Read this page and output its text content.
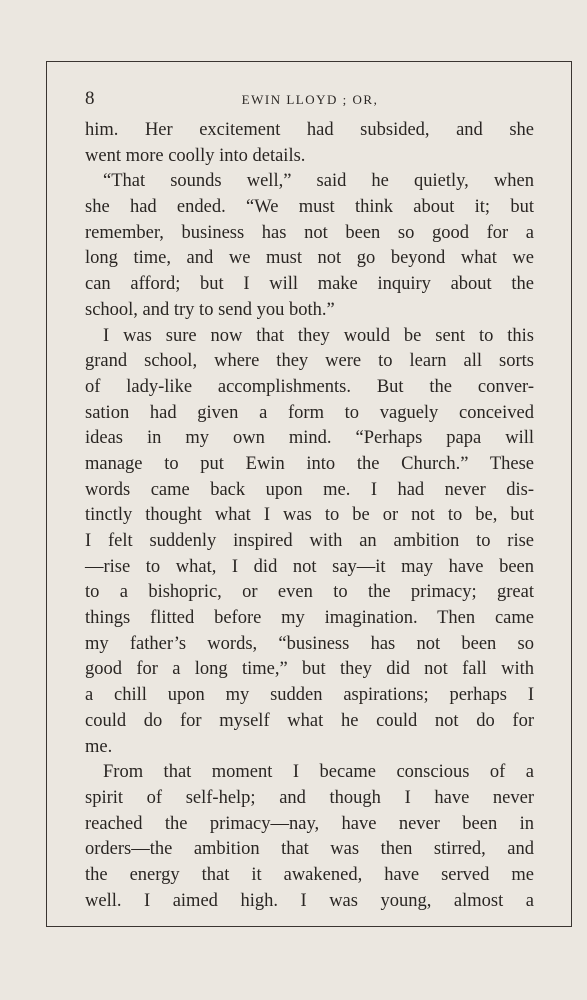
8	EWIN LLOYD ; OR,
him. Her excitement had subsided, and she
went more coolly into details.
“That sounds well,” said he quietly, when
she had ended. “We must think about it; but
remember, business has not been so good for a
long time, and we must not go beyond what we
can afford; but I will make inquiry about the
school, and try to send you both.”
I was sure now that they would be sent to this
grand school, where they were to learn all sorts
of lady-like accomplishments. But the conver-
sation had given a form to vaguely conceived
ideas in my own mind. “Perhaps papa will
manage to put Ewin into the Church.” These
words came back upon me. I had never dis-
tinctly thought what I was to be or not to be, but
I felt suddenly inspired with an ambition to rise
—rise to what, I did not say—it may have been
to a bishopric, or even to the primacy; great
things flitted before my imagination. Then came
my father’s words, “business has not been so
good for a long time,” but they did not fall with
a chill upon my sudden aspirations; perhaps I
could do for myself what he could not do for
me.
From that moment I became conscious of a
spirit of self-help; and though I have never
reached the primacy—nay, have never been in
orders—the ambition that was then stirred, and
the energy that it awakened, have served me
well. I aimed high. I was young, almost a
